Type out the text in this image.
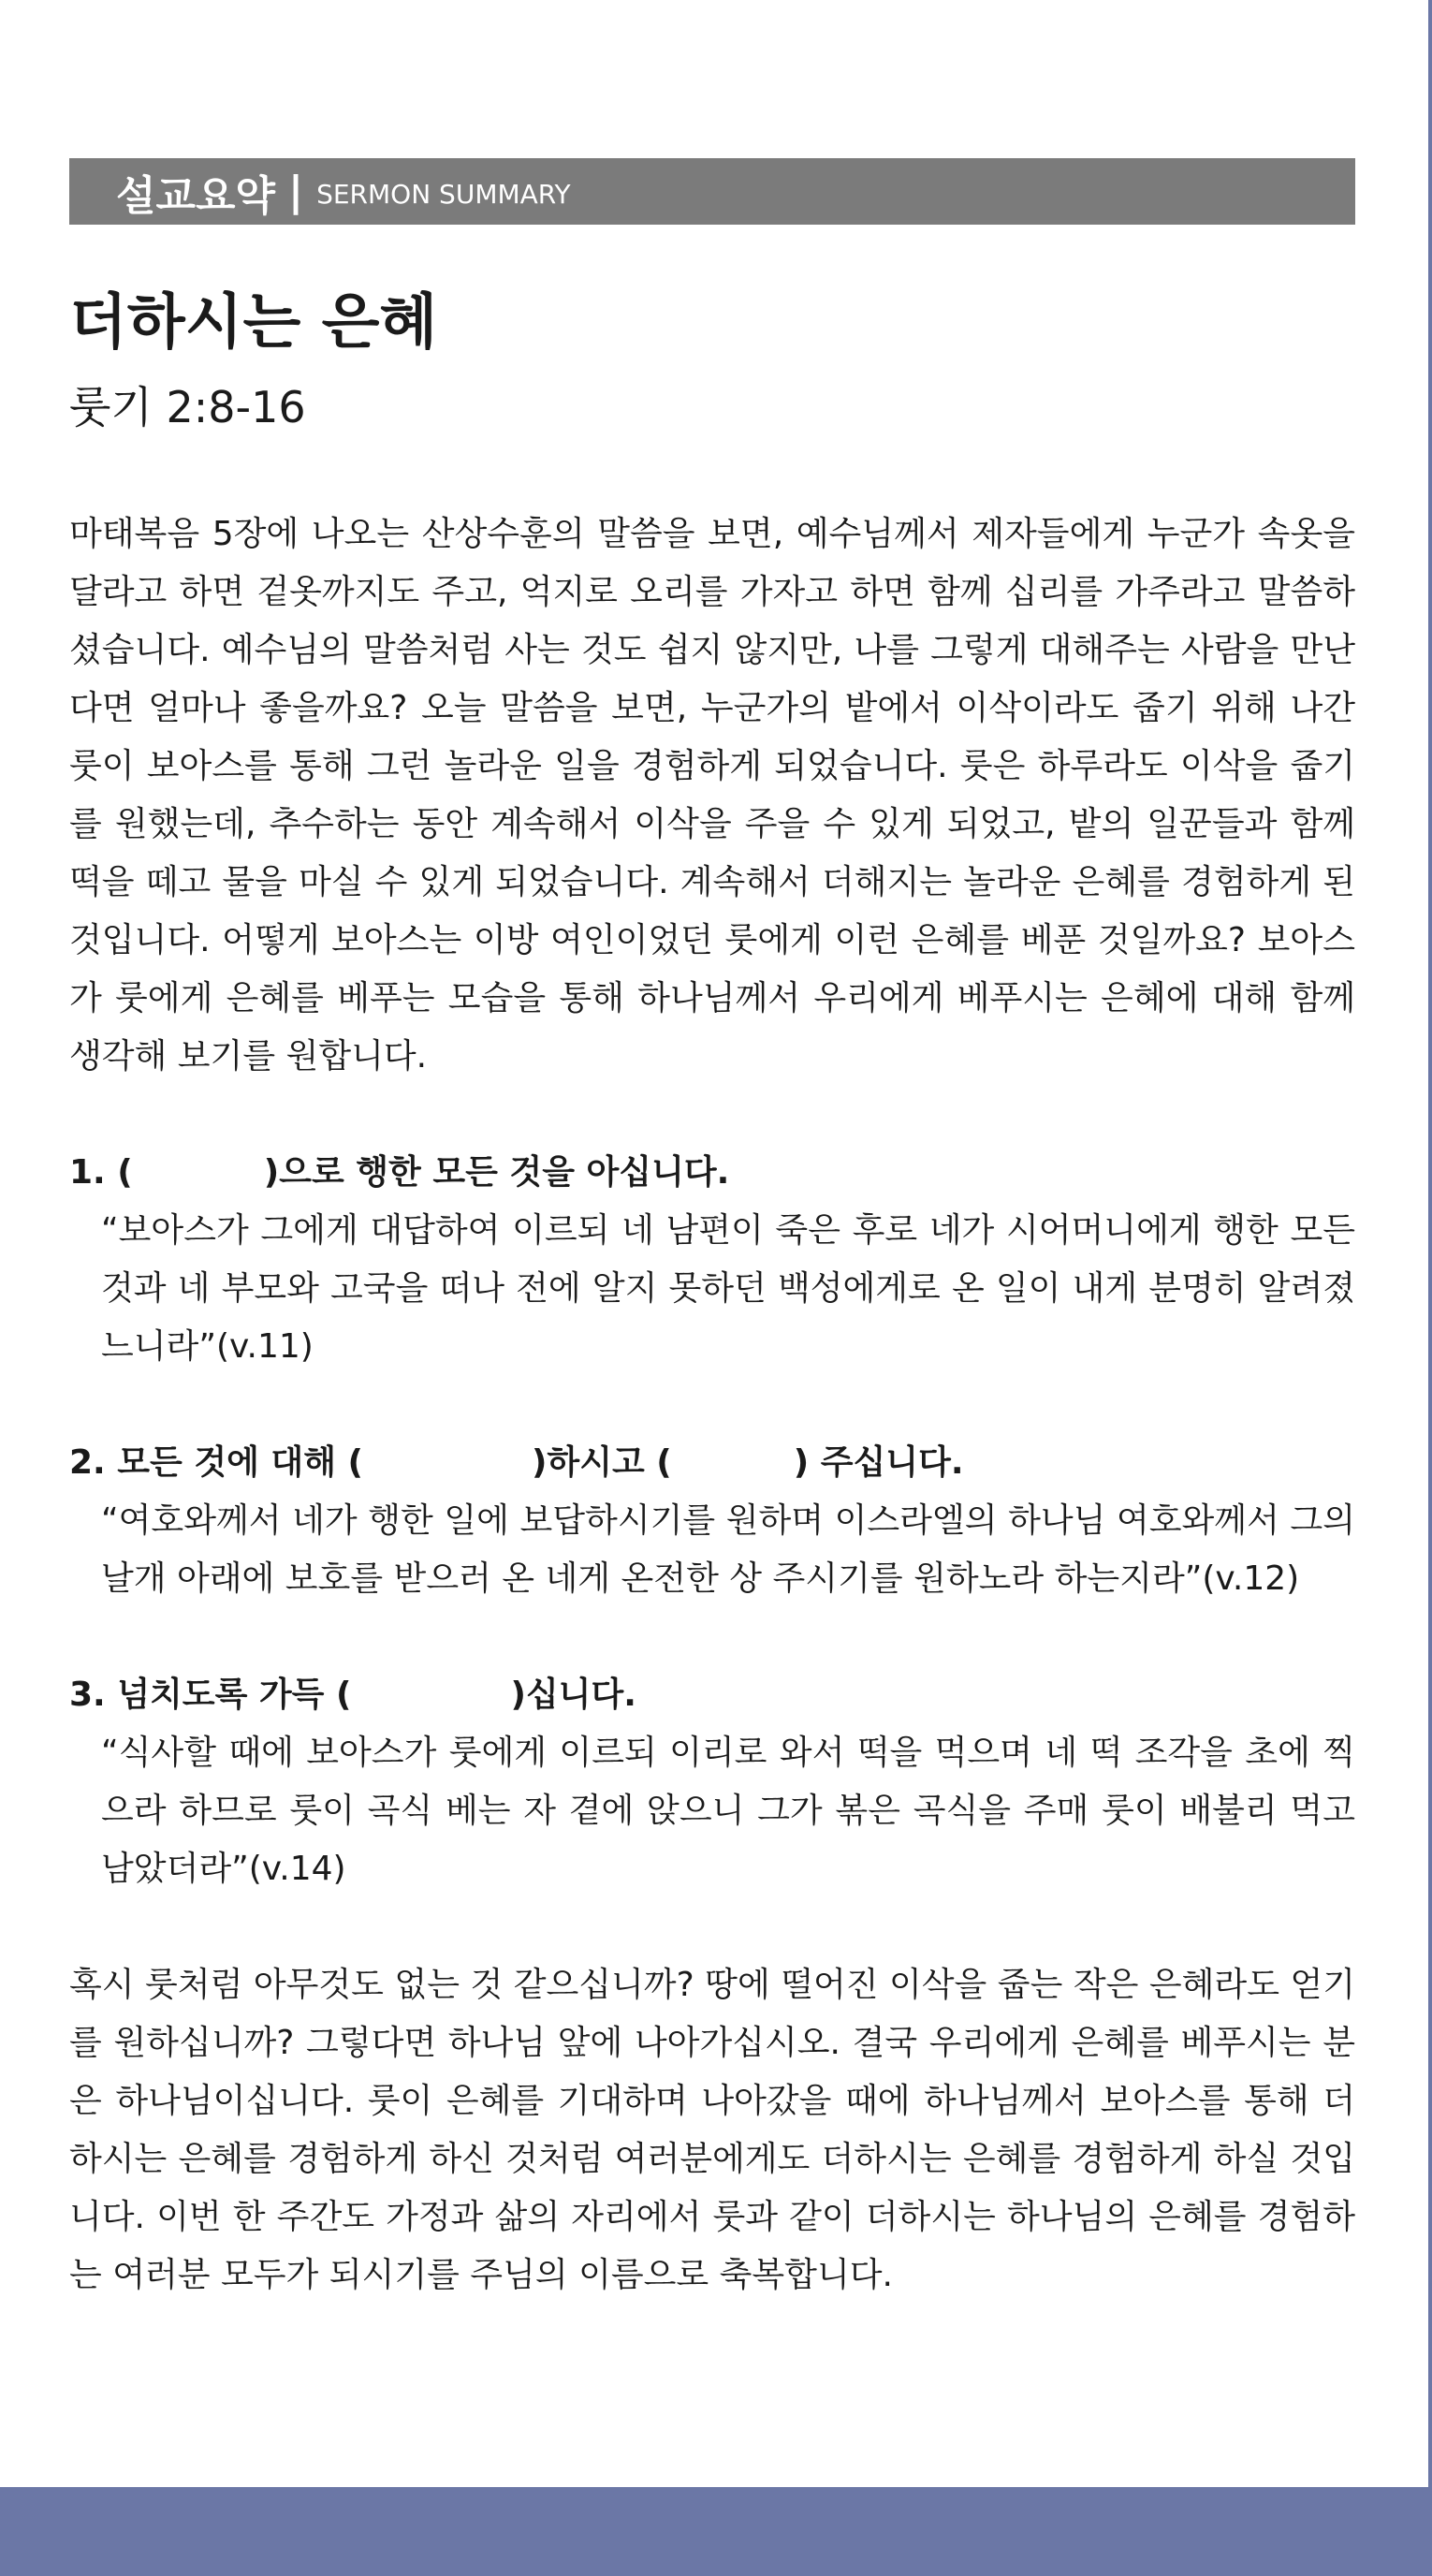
설교요약 | SERMON SUMMARY
더하시는 은혜
룻기 2:8-16

마태복음 5장에 나오는 산상수훈의 말씀을 보면, 예수님께서 제자들에게 누군가 속옷을 달라고 하면 겉옷까지도 주고, 억지로 오리를 가자고 하면 함께 십리를 가주라고 말씀하셨습니다. 예수님의 말씀처럼 사는 것도 쉽지 않지만, 나를 그렇게 대해주는 사람을 만난다면 얼마나 좋을까요? 오늘 말씀을 보면, 누군가의 밭에서 이삭이라도 줍기 위해 나간 룻이 보아스를 통해 그런 놀라운 일을 경험하게 되었습니다. 룻은 하루라도 이삭을 줍기를 원했는데, 추수하는 동안 계속해서 이삭을 주을 수 있게 되었고, 밭의 일꾼들과 함께 떡을 떼고 물을 마실 수 있게 되었습니다. 계속해서 더해지는 놀라운 은혜를 경험하게 된 것입니다. 어떻게 보아스는 이방 여인이었던 룻에게 이런 은혜를 베푼 것일까요? 보아스가 룻에게 은혜를 베푸는 모습을 통해 하나님께서 우리에게 베푸시는 은혜에 대해 함께 생각해 보기를 원합니다.

1. (	)으로 행한 모든 것을 아십니다.

“보아스가 그에게 대답하여 이르되 네 남편이 죽은 후로 네가 시어머니에게 행한 모든 것과 네 부모와 고국을 떠나 전에 알지 못하던 백성에게로 온 일이 내게 분명히 알려졌느니라”(v.11)

2. 모든 것에 대해 (	)하시고 (	) 주십니다.

“여호와께서 네가 행한 일에 보답하시기를 원하며 이스라엘의 하나님 여호와께서 그의 날개 아래에 보호를 받으러 온 네게 온전한 상 주시기를 원하노라 하는지라”(v.12)

3. 넘치도록 가득 (	)십니다.

“식사할 때에 보아스가 룻에게 이르되 이리로 와서 떡을 먹으며 네 떡 조각을 초에 찍으라 하므로 룻이 곡식 베는 자 곁에 앉으니 그가 볶은 곡식을 주매 룻이 배불리 먹고 남았더라”(v.14)

혹시 룻처럼 아무것도 없는 것 같으십니까? 땅에 떨어진 이삭을 줍는 작은 은혜라도 얻기를 원하십니까? 그렇다면 하나님 앞에 나아가십시오. 결국 우리에게 은혜를 베푸시는 분은 하나님이십니다. 룻이 은혜를 기대하며 나아갔을 때에 하나님께서 보아스를 통해 더하시는 은혜를 경험하게 하신 것처럼 여러분에게도 더하시는 은혜를 경험하게 하실 것입니다. 이번 한 주간도 가정과 삶의 자리에서 룻과 같이 더하시는 하나님의 은혜를 경험하는 여러분 모두가 되시기를 주님의 이름으로 축복합니다.
